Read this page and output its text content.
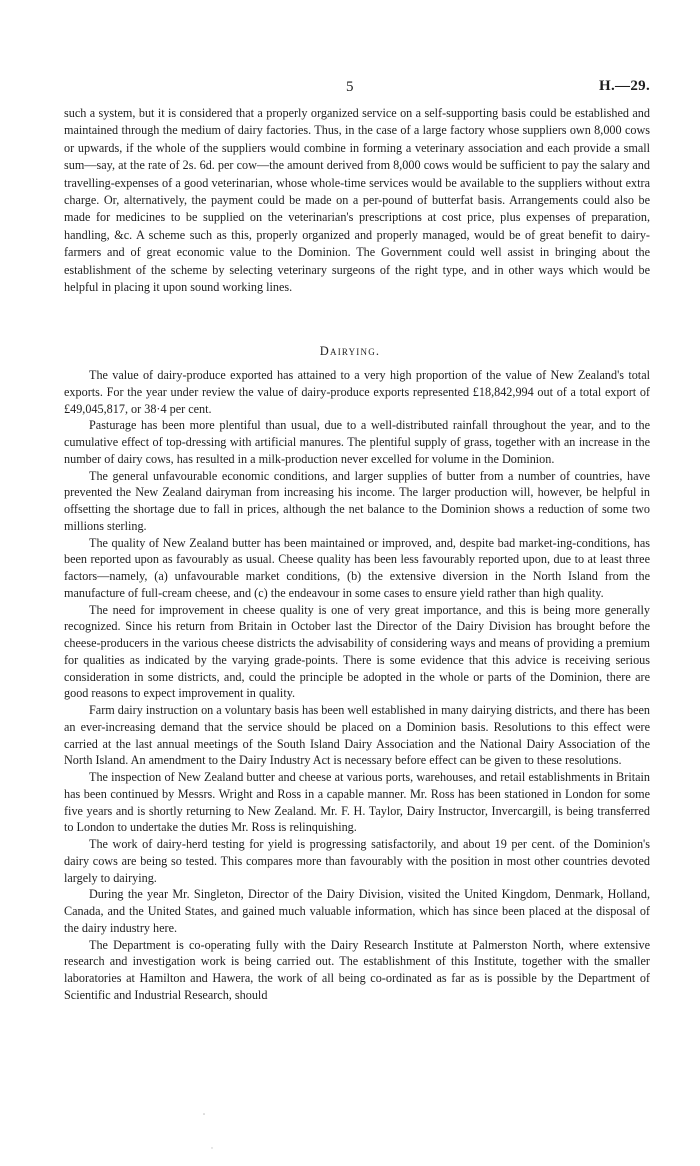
5	H.—29.

such a system, but it is considered that a properly organized service on a self-supporting basis could be established and maintained through the medium of dairy factories. Thus, in the case of a large factory whose suppliers own 8,000 cows or upwards, if the whole of the suppliers would combine in forming a veterinary association and each provide a small sum—say, at the rate of 2s. 6d. per cow—the amount derived from 8,000 cows would be sufficient to pay the salary and travelling-expenses of a good veterinarian, whose whole-time services would be available to the suppliers without extra charge. Or, alternatively, the payment could be made on a per-pound of butterfat basis. Arrangements could also be made for medicines to be supplied on the veterinarian's prescriptions at cost price, plus expenses of preparation, handling, &c. A scheme such as this, properly organized and properly managed, would be of great benefit to dairy-farmers and of great economic value to the Dominion. The Government could well assist in bringing about the establishment of the scheme by selecting veterinary surgeons of the right type, and in other ways which would be helpful in placing it upon sound working lines.

Dairying.

The value of dairy-produce exported has attained to a very high proportion of the value of New Zealand's total exports. For the year under review the value of dairy-produce exports represented £18,842,994 out of a total export of £49,045,817, or 38·4 per cent.

Pasturage has been more plentiful than usual, due to a well-distributed rainfall throughout the year, and to the cumulative effect of top-dressing with artificial manures. The plentiful supply of grass, together with an increase in the number of dairy cows, has resulted in a milk-production never excelled for volume in the Dominion.

The general unfavourable economic conditions, and larger supplies of butter from a number of countries, have prevented the New Zealand dairyman from increasing his income. The larger production will, however, be helpful in offsetting the shortage due to fall in prices, although the net balance to the Dominion shows a reduction of some two millions sterling.

The quality of New Zealand butter has been maintained or improved, and, despite bad market-ing-conditions, has been reported upon as favourably as usual. Cheese quality has been less favourably reported upon, due to at least three factors—namely, (a) unfavourable market conditions, (b) the extensive diversion in the North Island from the manufacture of full-cream cheese, and (c) the endeavour in some cases to ensure yield rather than high quality.

The need for improvement in cheese quality is one of very great importance, and this is being more generally recognized. Since his return from Britain in October last the Director of the Dairy Division has brought before the cheese-producers in the various cheese districts the advisability of considering ways and means of providing a premium for qualities as indicated by the varying grade-points. There is some evidence that this advice is receiving serious consideration in some districts, and, could the principle be adopted in the whole or parts of the Dominion, there are good reasons to expect improvement in quality.

Farm dairy instruction on a voluntary basis has been well established in many dairying districts, and there has been an ever-increasing demand that the service should be placed on a Dominion basis. Resolutions to this effect were carried at the last annual meetings of the South Island Dairy Association and the National Dairy Association of the North Island. An amendment to the Dairy Industry Act is necessary before effect can be given to these resolutions.

The inspection of New Zealand butter and cheese at various ports, warehouses, and retail establishments in Britain has been continued by Messrs. Wright and Ross in a capable manner. Mr. Ross has been stationed in London for some five years and is shortly returning to New Zealand. Mr. F. H. Taylor, Dairy Instructor, Invercargill, is being transferred to London to undertake the duties Mr. Ross is relinquishing.

The work of dairy-herd testing for yield is progressing satisfactorily, and about 19 per cent. of the Dominion's dairy cows are being so tested. This compares more than favourably with the position in most other countries devoted largely to dairying.

During the year Mr. Singleton, Director of the Dairy Division, visited the United Kingdom, Denmark, Holland, Canada, and the United States, and gained much valuable information, which has since been placed at the disposal of the dairy industry here.

The Department is co-operating fully with the Dairy Research Institute at Palmerston North, where extensive research and investigation work is being carried out. The establishment of this Institute, together with the smaller laboratories at Hamilton and Hawera, the work of all being co-ordinated as far as is possible by the Department of Scientific and Industrial Research, should
